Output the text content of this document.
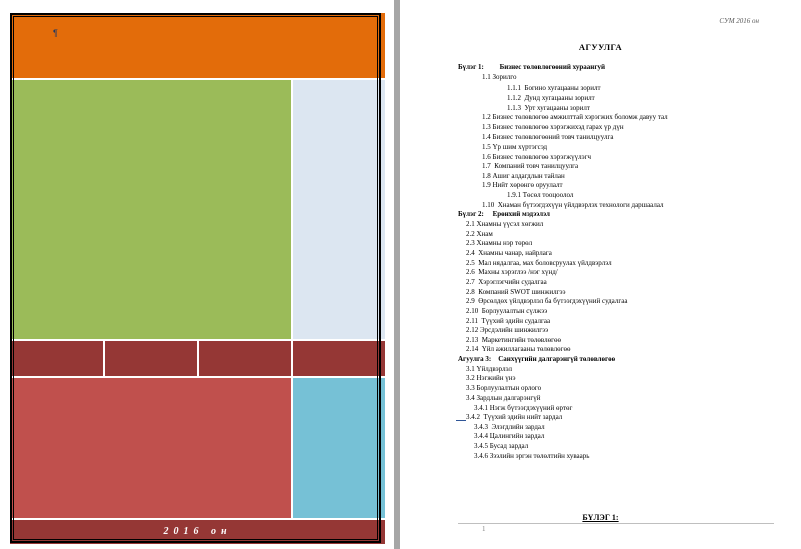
¶
2016 он
СУМ 2016 он
АГУУЛГА
Бүлэг 1:         Бизнес төлөвлөгөөний хураангуй
1.1 Зорилго
1.1.1  Богино хугацааны зорилт
1.1.2  Дунд хугацааны зорилт
1.1.3  Урт хугацааны зорилт
1.2 Бизнес төлөвлөгөө амжилттай хэрэгжих боломж давуу тал
1.3 Бизнес төлөвлөгөө хэрэгжихэд гарах үр дүн
1.4 Бизнес төлөвлөгөөний товч танилцуулга
1.5 Үр шим хүртэгсэд
1.6 Бизнес төлөвлөгөө хэрэгжүүлэгч
1.7  Компаний товч танилцуулга
1.8 Ашиг алдагдлын тайлан
1.9 Нийт хөрөнгө оруулалт
1.9.1 Төсөл тооцоолол
1.10  Хнаман бүтээгдэхүүн үйлдвэрлэх технологи даршаалал
Бүлэг 2:     Ерөнхий мэдээлэл
2.1 Хнамны үүсэл хөгжил
2.2 Хнам
2.3 Хнамны нэр төрөл
2.4  Хнамны чанар, найрлага
2.5  Мал нядалгаа, мах боловсруулах үйлдвэрлэл
2.6  Махны хэрэглээ /нэг хүнд/
2.7  Хэрэглэгчийн судалгаа
2.8  Компаний SWOT шинжилгээ
2.9  Өрсөлдөх үйлдвэрлэл ба бүтээгдэхүүний судалгаа
2.10  Борлуулалтын сүлжээ
2.11  Түүхий эдийн судалгаа
2.12 Эрсдэлийн шинжилгээ
2.13  Маркетингийн төлөвлөгөө
2.14  Үйл ажиллагааны төлөвлөгөө
Агуулга 3:    Санхүүгийн далгарэнгүй төлөвлөгөө
3.1 Үйлдвэрлэл
3.2 Нэгжийн үнэ
3.3 Борлуулалтын орлого
3.4 Зардлын далгарэнгүй
3.4.1 Нэгж бүтээгдэхүүний өртөг
3.4.2  Түүхий эдийн нийт зардал
3.4.3  Элэгдлийн зардал
3.4.4 Цалингийн зардал
3.4.5 Бусад зардал
3.4.6 Зээлийн эргэн төлөлтийн хуваарь
БҮЛЭГ 1:
1
